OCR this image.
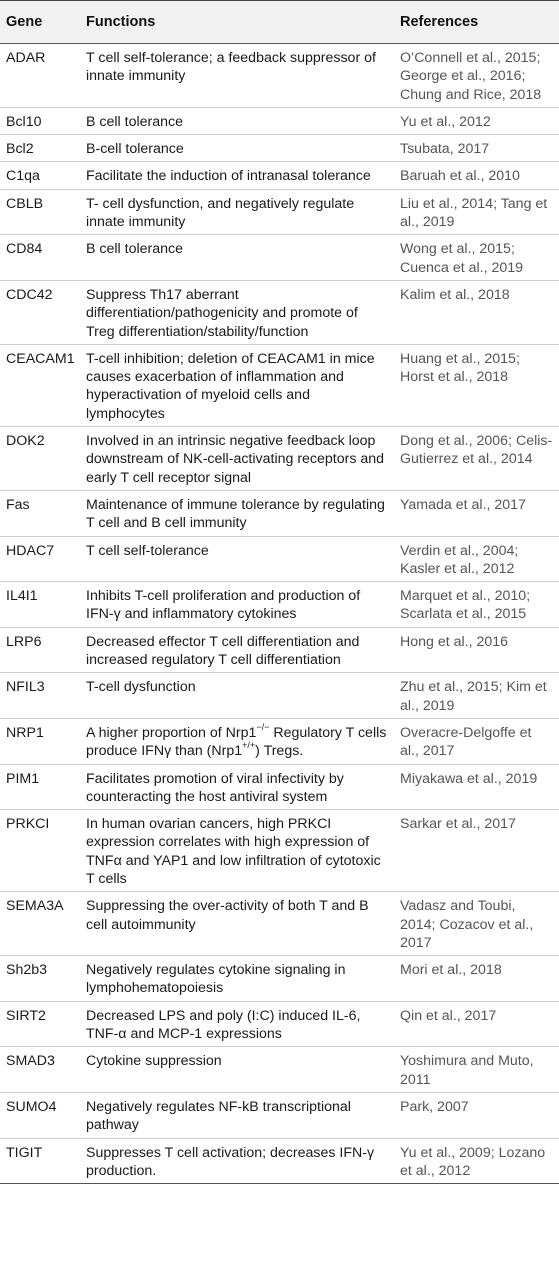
Gene	Functions	References
ADAR	T cell self-tolerance; a feedback suppressor of innate immunity	O’Connell et al., 2015; George et al., 2016; Chung and Rice, 2018
Bcl10	B cell tolerance	Yu et al., 2012
Bcl2	B-cell tolerance	Tsubata, 2017
C1qa	Facilitate the induction of intranasal tolerance	Baruah et al., 2010
CBLB	T- cell dysfunction, and negatively regulate innate immunity	Liu et al., 2014; Tang et al., 2019
CD84	B cell tolerance	Wong et al., 2015; Cuenca et al., 2019
CDC42	Suppress Th17 aberrant differentiation/pathogenicity and promote of Treg differentiation/stability/function	Kalim et al., 2018
CEACAM1	T-cell inhibition; deletion of CEACAM1 in mice causes exacerbation of inflammation and hyperactivation of myeloid cells and lymphocytes	Huang et al., 2015; Horst et al., 2018
DOK2	Involved in an intrinsic negative feedback loop downstream of NK-cell-activating receptors and early T cell receptor signal	Dong et al., 2006; Celis-Gutierrez et al., 2014
Fas	Maintenance of immune tolerance by regulating T cell and B cell immunity	Yamada et al., 2017
HDAC7	T cell self-tolerance	Verdin et al., 2004; Kasler et al., 2012
IL4I1	Inhibits T-cell proliferation and production of IFN-γ and inflammatory cytokines	Marquet et al., 2010; Scarlata et al., 2015
LRP6	Decreased effector T cell differentiation and increased regulatory T cell differentiation	Hong et al., 2016
NFIL3	T-cell dysfunction	Zhu et al., 2015; Kim et al., 2019
NRP1	A higher proportion of Nrp1−/− Regulatory T cells produce IFNγ than (Nrp1+/+) Tregs.	Overacre-Delgoffe et al., 2017
PIM1	Facilitates promotion of viral infectivity by counteracting the host antiviral system	Miyakawa et al., 2019
PRKCI	In human ovarian cancers, high PRKCI expression correlates with high expression of TNFα and YAP1 and low infiltration of cytotoxic T cells	Sarkar et al., 2017
SEMA3A	Suppressing the over-activity of both T and B cell autoimmunity	Vadasz and Toubi, 2014; Cozacov et al., 2017
Sh2b3	Negatively regulates cytokine signaling in lymphohematopoiesis	Mori et al., 2018
SIRT2	Decreased LPS and poly (I:C) induced IL-6, TNF-α and MCP-1 expressions	Qin et al., 2017
SMAD3	Cytokine suppression	Yoshimura and Muto, 2011
SUMO4	Negatively regulates NF-kB transcriptional pathway	Park, 2007
TIGIT	Suppresses T cell activation; decreases IFN-γ production.	Yu et al., 2009; Lozano et al., 2012
